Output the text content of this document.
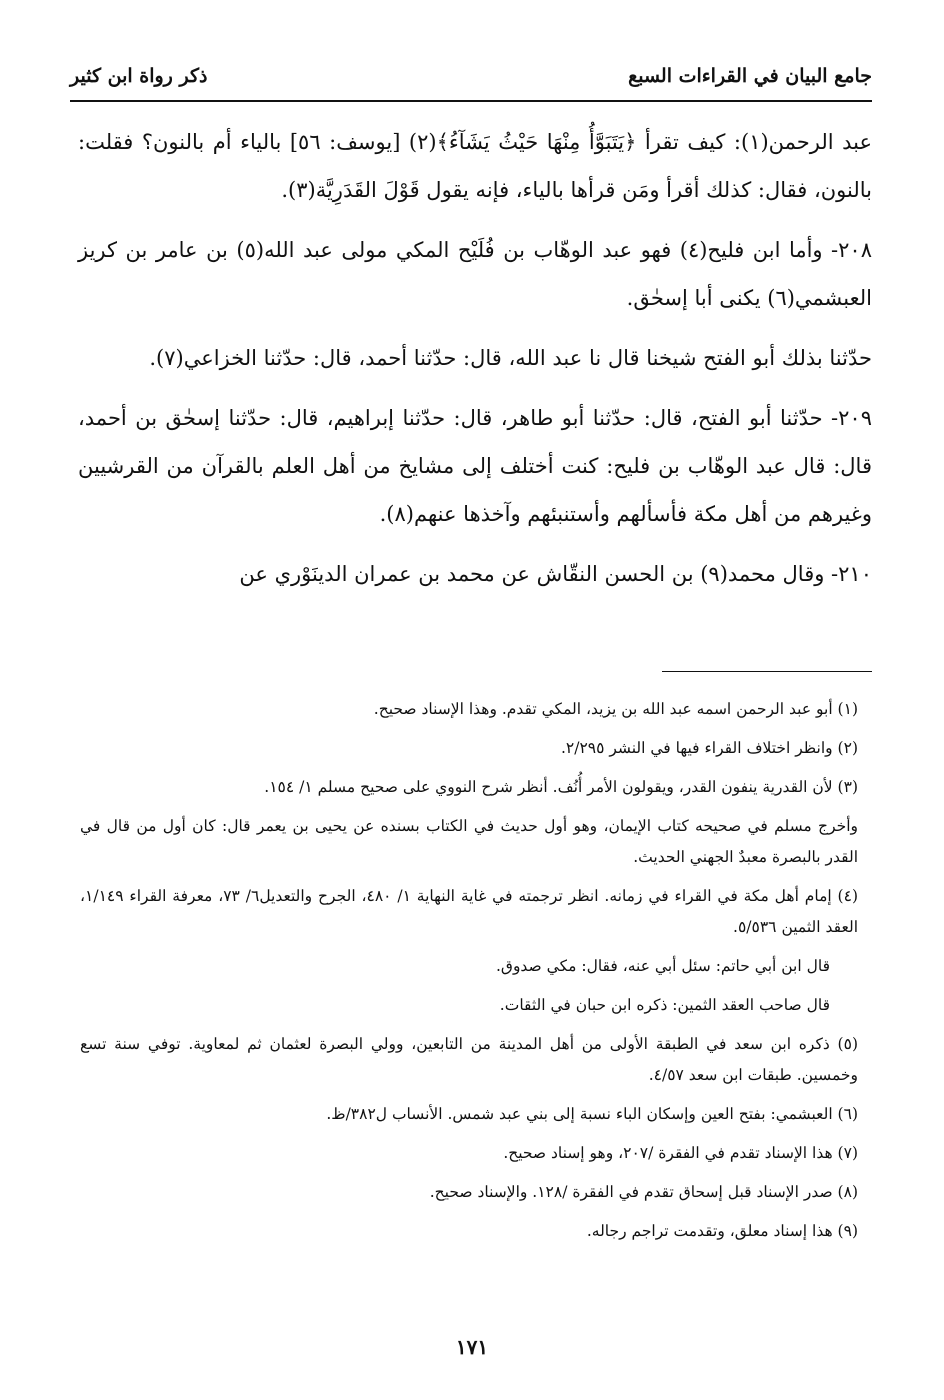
جامع البيان في القراءات السبع
ذكر رواة ابن كثير

عبد الرحمن(١): كيف تقرأ ﴿يَتَبَوَّأُ مِنْهَا حَيْثُ يَشَآءُ﴾(٢) [يوسف: ٥٦] بالياء أم بالنون؟ فقلت: بالنون، فقال: كذلك أقرأ ومَن قرأها بالياء، فإنه يقول قَوْلَ القَدَرِيَّة(٣).

٢٠٨- وأما ابن فليح(٤) فهو عبد الوهّاب بن فُلَيْح المكي مولى عبد الله(٥) بن عامر بن كريز العبشمي(٦) يكنى أبا إسحٰق.

حدّثنا بذلك أبو الفتح شيخنا قال نا عبد الله، قال: حدّثنا أحمد، قال: حدّثنا الخزاعي(٧).

٢٠٩- حدّثنا أبو الفتح، قال: حدّثنا أبو طاهر، قال: حدّثنا إبراهيم، قال: حدّثنا إسحٰق بن أحمد، قال: قال عبد الوهّاب بن فليح: كنت أختلف إلى مشايخ من أهل العلم بالقرآن من القرشيين وغيرهم من أهل مكة فأسألهم وأستنبئهم وآخذها عنهم(٨).

٢١٠- وقال محمد(٩) بن الحسن النقّاش عن محمد بن عمران الدينَوْري عن

(١) أبو عبد الرحمن اسمه عبد الله بن يزيد، المكي تقدم. وهذا الإسناد صحيح.

(٢) وانظر اختلاف القراء فيها في النشر ٢/٢٩٥.

(٣) لأن القدرية ينفون القدر، ويقولون الأمر أُنُف. أنظر شرح النووي على صحيح مسلم ١/ ١٥٤.

وأخرج مسلم في صحيحه كتاب الإيمان، وهو أول حديث في الكتاب بسنده عن يحيى بن يعمر قال: كان أول من قال في القدر بالبصرة معبدٌ الجهني الحديث.

(٤) إمام أهل مكة في القراء في زمانه. انظر ترجمته في غاية النهاية ١/ ٤٨٠، الجرح والتعديل٦/ ٧٣، معرفة القراء ١/١٤٩، العقد الثمين ٥/٥٣٦.

قال ابن أبي حاتم: سئل أبي عنه، فقال: مكي صدوق.

قال صاحب العقد الثمين: ذكره ابن حبان في الثقات.

(٥) ذكره ابن سعد في الطبقة الأولى من أهل المدينة من التابعين، وولي البصرة لعثمان ثم لمعاوية. توفي سنة تسع وخمسين. طبقات ابن سعد ٤/٥٧.

(٦) العبشمي: بفتح العين وإسكان الباء نسبة إلى بني عبد شمس. الأنساب ل٣٨٢/ظ.

(٧) هذا الإسناد تقدم في الفقرة /٢٠٧، وهو إسناد صحيح.

(٨) صدر الإسناد قبل إسحاق تقدم في الفقرة /١٢٨. والإسناد صحيح.

(٩) هذا إسناد معلق، وتقدمت تراجم رجاله.

١٧١
